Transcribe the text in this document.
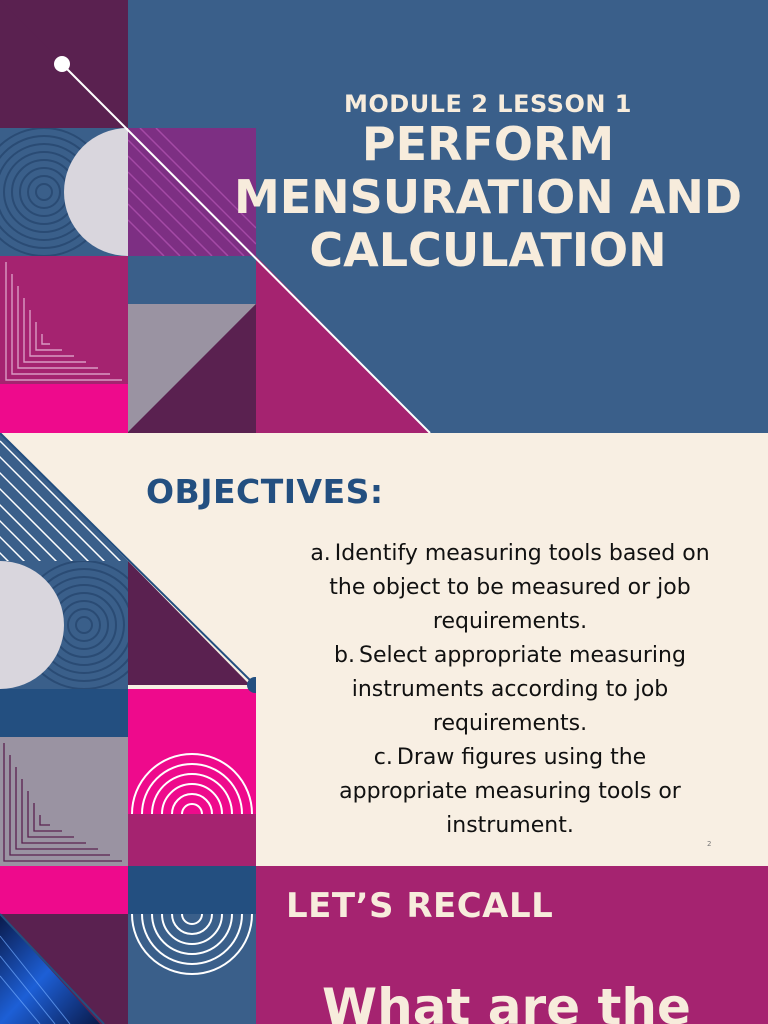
MODULE 2 LESSON 1
PERFORM
MENSURATION AND
CALCULATION
OBJECTIVES:
a. Identify measuring tools based on
the object to be measured or job
requirements.
b. Select appropriate measuring
instruments according to job
requirements.
c. Draw figures using the
appropriate measuring tools or
instrument.
2
LET’S RECALL
What are the
